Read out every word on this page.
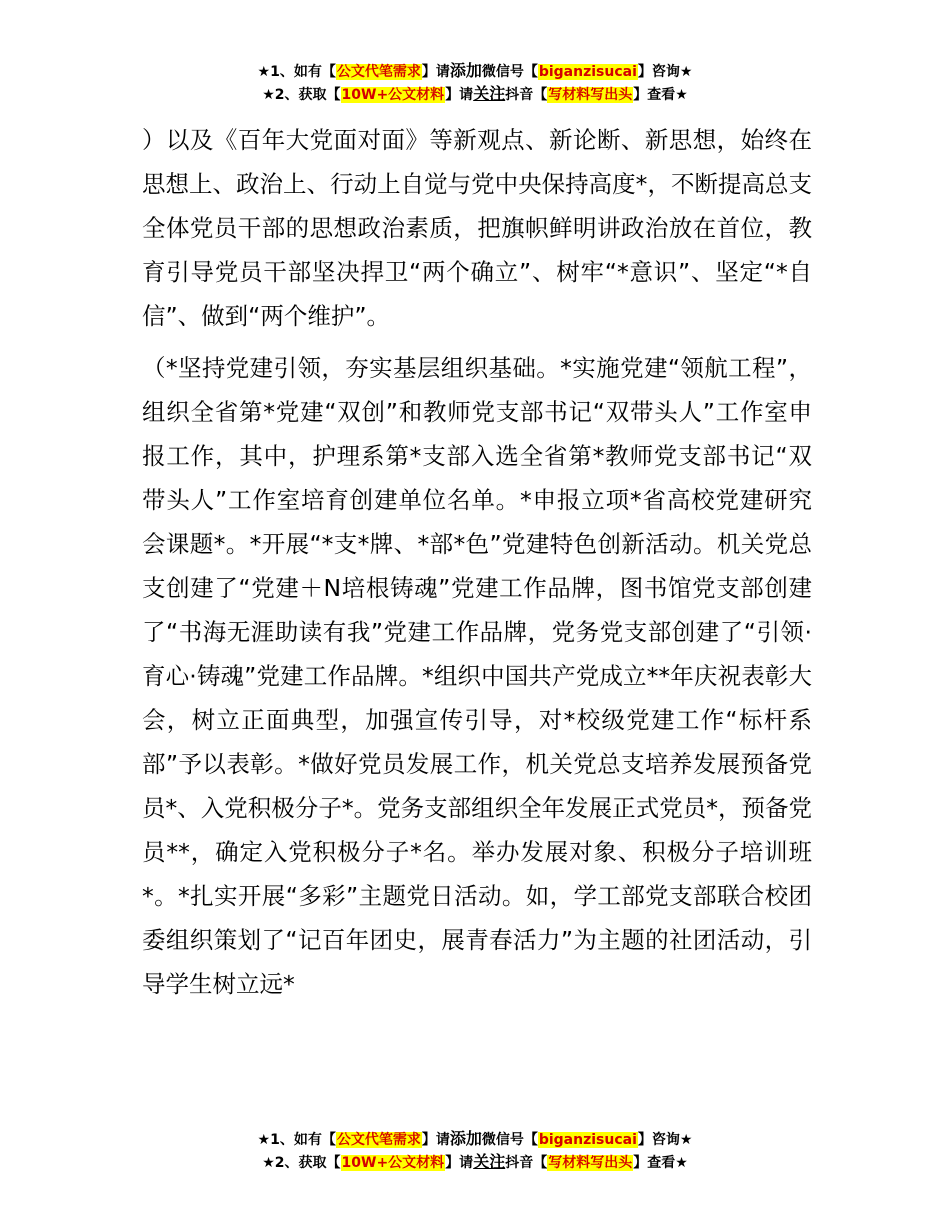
★1、如有【公文代笔需求】请添加微信号【biganzisucai】咨询★
★2、获取【10W+公文材料】请关注抖音【写材料写出头】查看★

）以及《百年大党面对面》等新观点、新论断、新思想，始终在思想上、政治上、行动上自觉与党中央保持高度*，不断提高总支全体党员干部的思想政治素质，把旗帜鲜明讲政治放在首位，教育引导党员干部坚决捍卫“两个确立”、树牢“*意识”、坚定“*自信”、做到“两个维护”。

（*坚持党建引领，夯实基层组织基础。*实施党建“领航工程”，组织全省第*党建“双创”和教师党支部书记“双带头人”工作室申报工作，其中，护理系第*支部入选全省第*教师党支部书记“双带头人”工作室培育创建单位名单。*申报立项*省高校党建研究会课题*。*开展“*支*牌、*部*色”党建特色创新活动。机关党总支创建了“党建＋N培根铸魂”党建工作品牌，图书馆党支部创建了“书海无涯助读有我”党建工作品牌，党务党支部创建了“引领·育心·铸魂”党建工作品牌。*组织中国共产党成立**年庆祝表彰大会，树立正面典型，加强宣传引导，对*校级党建工作“标杆系部”予以表彰。*做好党员发展工作，机关党总支培养发展预备党员*、入党积极分子*。党务支部组织全年发展正式党员*，预备党员**，确定入党积极分子*名。举办发展对象、积极分子培训班*。*扎实开展“多彩”主题党日活动。如，学工部党支部联合校团委组织策划了“记百年团史，展青春活力”为主题的社团活动，引导学生树立远*

★1、如有【公文代笔需求】请添加微信号【biganzisucai】咨询★
★2、获取【10W+公文材料】请关注抖音【写材料写出头】查看★
